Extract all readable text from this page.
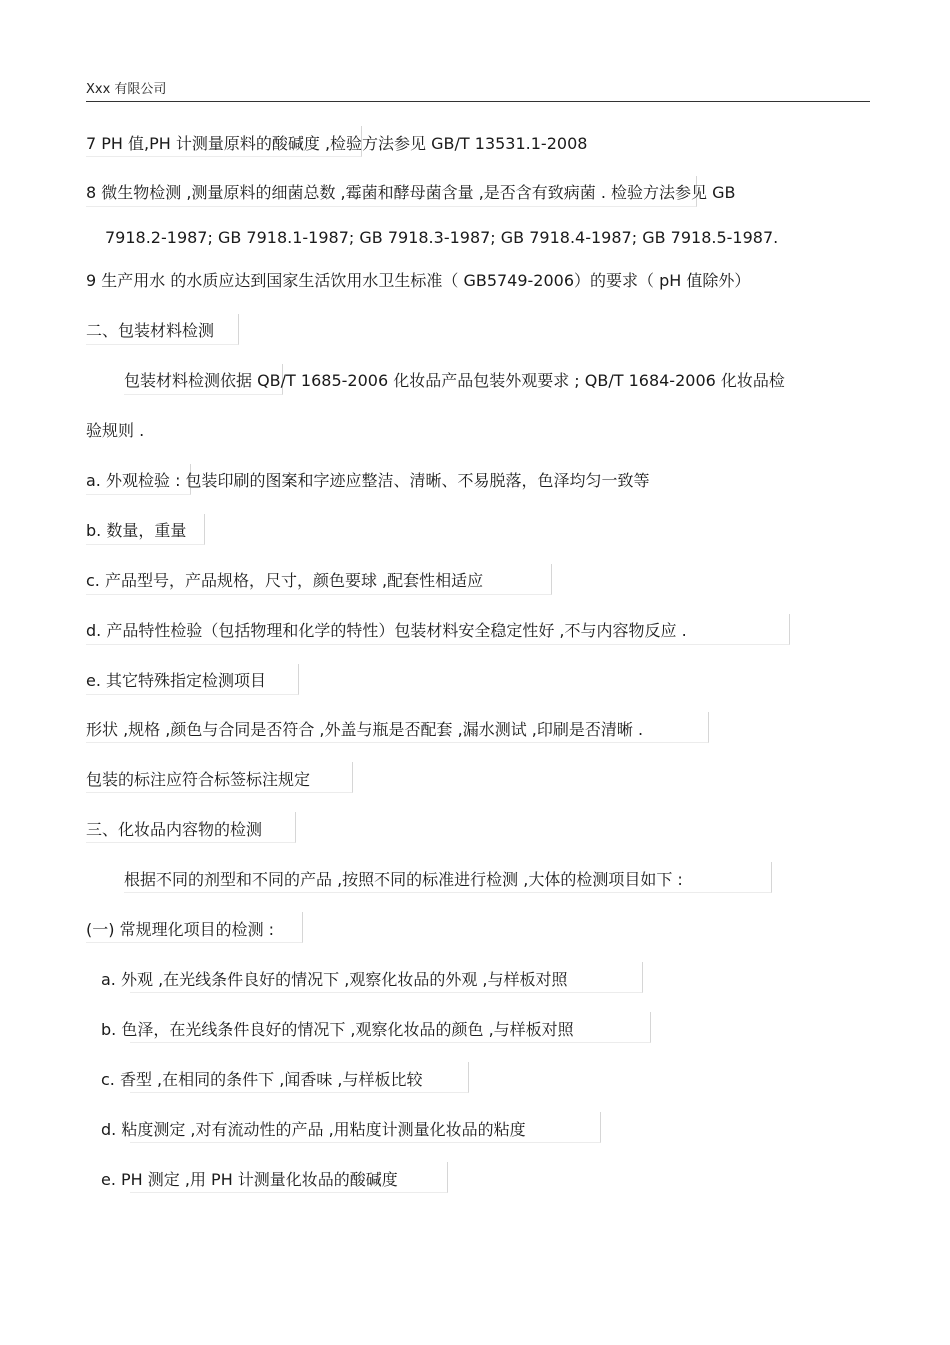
Xxx 有限公司
7 PH 值,PH 计测量原料的酸碱度 ,检验方法参见 GB/T 13531.1-2008
8 微生物检测 ,测量原料的细菌总数 ,霉菌和酵母菌含量 ,是否含有致病菌 . 检验方法参见 GB
7918.2-1987; GB 7918.1-1987; GB 7918.3-1987; GB 7918.4-1987; GB 7918.5-1987.
9 生产用水 的水质应达到国家生活饮用水卫生标准（ GB5749-2006）的要求（ pH 值除外）
二、包装材料检测
包装材料检测依据 QB/T 1685-2006 化妆品产品包装外观要求 ; QB/T 1684-2006 化妆品检
验规则 .
a. 外观检验 : 包装印刷的图案和字迹应整洁、清晰、不易脱落，色泽均匀一致等
b. 数量，重量
c. 产品型号，产品规格，尺寸，颜色要球 ,配套性相适应
d. 产品特性检验（包括物理和化学的特性）包装材料安全稳定性好 ,不与内容物反应 .
e. 其它特殊指定检测项目
形状 ,规格 ,颜色与合同是否符合 ,外盖与瓶是否配套 ,漏水测试 ,印刷是否清晰 .
包装的标注应符合标签标注规定
三、化妆品内容物的检测
根据不同的剂型和不同的产品 ,按照不同的标准进行检测 ,大体的检测项目如下 :
(一) 常规理化项目的检测 :
a. 外观 ,在光线条件良好的情况下 ,观察化妆品的外观 ,与样板对照
b. 色泽，在光线条件良好的情况下 ,观察化妆品的颜色 ,与样板对照
c. 香型 ,在相同的条件下 ,闻香味 ,与样板比较
d. 粘度测定 ,对有流动性的产品 ,用粘度计测量化妆品的粘度
e. PH 测定 ,用 PH 计测量化妆品的酸碱度
